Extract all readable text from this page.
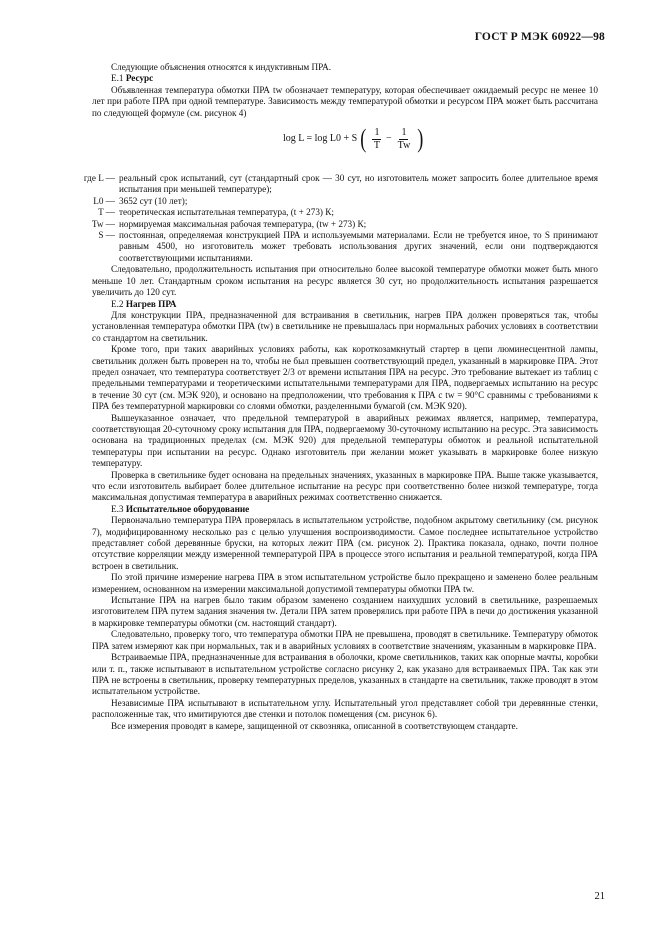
ГОСТ Р МЭК 60922—98

Следующие объяснения относятся к индуктивным ПРА.

Е.1 Ресурс

Объявленная температура обмотки ПРА tw обозначает температуру, которая обеспечивает ожидаемый ресурс не менее 10 лет при работе ПРА при одной температуре. Зависимость между температурой обмотки и ресурсом ПРА может быть рассчитана по следующей формуле (см. рисунок 4)

log L = log L0 + S ( $\frac{1}{T} - \frac{1}{Tw}$ )
где L — реальный срок испытаний, сут (стандартный срок — 30 сут, но изготовитель может запросить более длительное время испытания при меньшей температуре);
L0 — 3652 сут (10 лет);
T — теоретическая испытательная температура, (t + 273) К;
Tw — нормируемая максимальная рабочая температура, (tw + 273) К;
S — постоянная, определяемая конструкцией ПРА и используемыми материалами. Если не требуется иное, то S принимают равным 4500, но изготовитель может требовать использования других значений, если они подтверждаются соответствующими испытаниями.

Следовательно, продолжительность испытания при относительно более высокой температуре обмотки может быть много меньше 10 лет. Стандартным сроком испытания на ресурс является 30 сут, но продолжительность испытания разрешается увеличить до 120 сут.

Е.2 Нагрев ПРА

Для конструкции ПРА, предназначенной для встраивания в светильник, нагрев ПРА должен проверяться так, чтобы установленная температура обмотки ПРА (tw) в светильнике не превышалась при нормальных рабочих условиях в соответствии со стандартом на светильник.

Кроме того, при таких аварийных условиях работы, как короткозамкнутый стартер в цепи люминесцентной лампы, светильник должен быть проверен на то, чтобы не был превышен соответствующий предел, указанный в маркировке ПРА. Этот предел означает, что температура соответствует 2/3 от времени испытания ПРА на ресурс. Это требование вытекает из таблиц с предельными температурами и теоретическими испытательными температурами для ПРА, подвергаемых испытанию на ресурс в течение 30 сут (см. МЭК 920), и основано на предположении, что требования к ПРА с tw = 90°С сравнимы с требованиями к ПРА без температурной маркировки со слоями обмотки, разделенными бумагой (см. МЭК 920).

Вышеуказанное означает, что предельной температурой в аварийных режимах является, например, температура, соответствующая 20-суточному сроку испытания для ПРА, подвергаемому 30-суточному испытанию на ресурс. Эта зависимость основана на традиционных пределах (см. МЭК 920) для предельной температуры обмоток и реальной испытательной температуры при испытании на ресурс. Однако изготовитель при желании может указывать в маркировке более низкую температуру.

Проверка в светильнике будет основана на предельных значениях, указанных в маркировке ПРА. Выше также указывается, что если изготовитель выбирает более длительное испытание на ресурс при соответственно более низкой температуре, тогда максимальная допустимая температура в аварийных режимах соответственно снижается.

Е.3 Испытательное оборудование

Первоначально температура ПРА проверялась в испытательном устройстве, подобном акрытому светильнику (см. рисунок 7), модифицированному несколько раз с целью улучшения воспроизводимости. Самое последнее испытательное устройство представляет собой деревянные бруски, на которых лежит ПРА (см. рисунок 2). Практика показала, однако, почти полное отсутствие корреляции между измеренной температурой ПРА в процессе этого испытания и реальной температурой, когда ПРА встроен в светильник.

По этой причине измерение нагрева ПРА в этом испытательном устройстве было прекращено и заменено более реальным измерением, основанном на измерении максимальной допустимой температуры обмотки ПРА tw.

Испытание ПРА на нагрев было таким образом заменено созданием наихудших условий в светильнике, разрешаемых изготовителем ПРА путем задания значения tw. Детали ПРА затем проверялись при работе ПРА в печи до достижения указанной в маркировке температуры обмотки (см. настоящий стандарт).

Следовательно, проверку того, что температура обмотки ПРА не превышена, проводят в светильнике. Температуру обмоток ПРА затем измеряют как при нормальных, так и в аварийных условиях в соответствие значениям, указанным в маркировке ПРА.

Встраиваемые ПРА, предназначенные для встраивания в оболочки, кроме светильников, таких как опорные мачты, коробки или т. п., также испытывают в испытательном устройстве согласно рисунку 2, как указано для встраиваемых ПРА. Так как эти ПРА не встроены в светильник, проверку температурных пределов, указанных в стандарте на светильник, также проводят в этом испытательном устройстве.

Независимые ПРА испытывают в испытательном углу. Испытательный угол представляет собой три деревянные стенки, расположенные так, что имитируются две стенки и потолок помещения (см. рисунок 6).

Все измерения проводят в камере, защищенной от сквозняка, описанной в соответствующем стандарте.

21
